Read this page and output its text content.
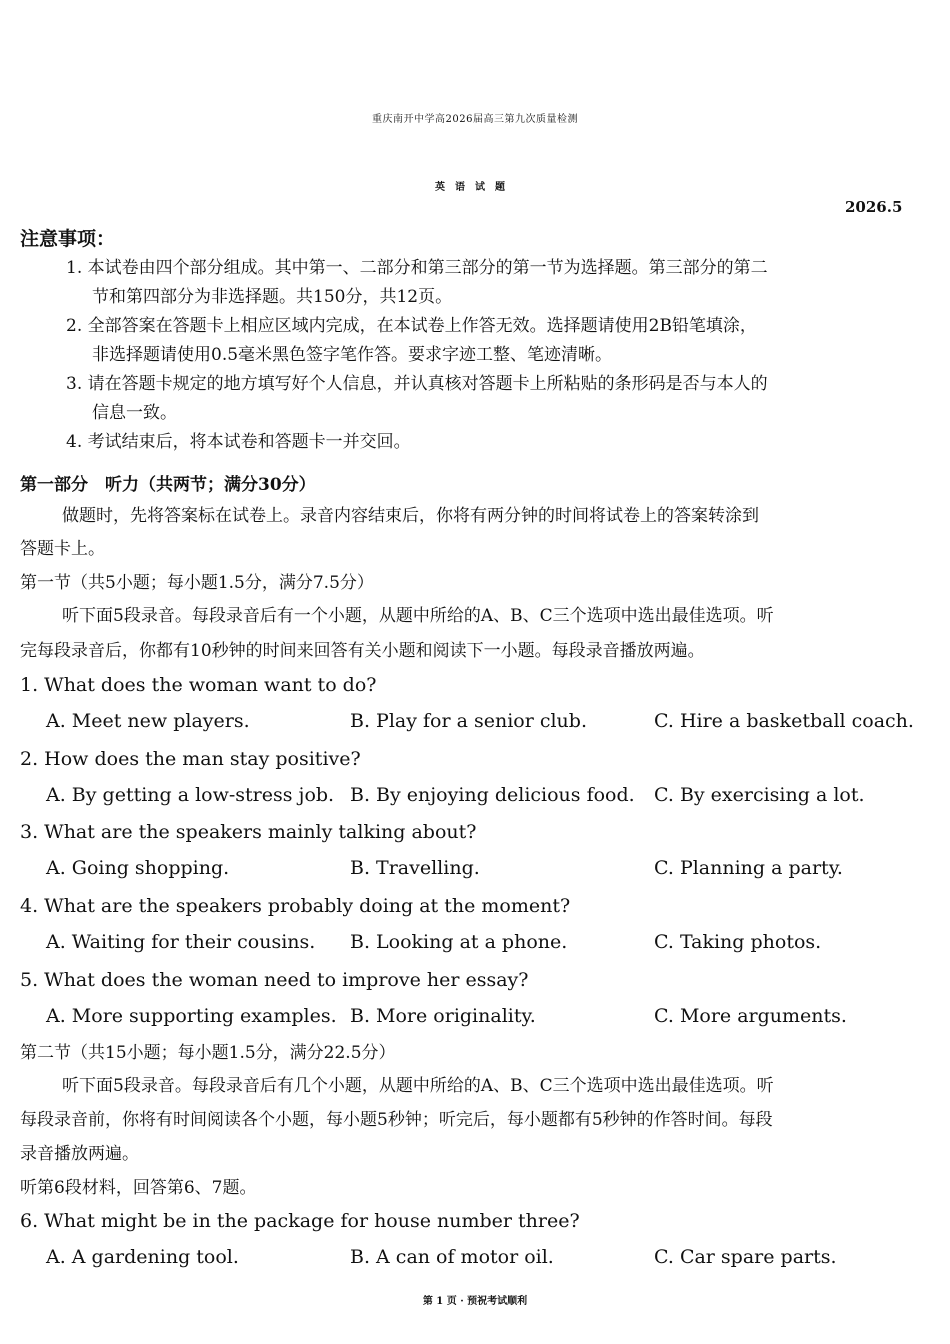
重庆南开中学高2026届高三第九次质量检测
英语试题
2026.5
注意事项：
1. 本试卷由四个部分组成。其中第一、二部分和第三部分的第一节为选择题。第三部分的第二
节和第四部分为非选择题。共150分，共12页。
2. 全部答案在答题卡上相应区域内完成，在本试卷上作答无效。选择题请使用2B铅笔填涂，
非选择题请使用0.5毫米黑色签字笔作答。要求字迹工整、笔迹清晰。
3. 请在答题卡规定的地方填写好个人信息，并认真核对答题卡上所粘贴的条形码是否与本人的
信息一致。
4. 考试结束后，将本试卷和答题卡一并交回。
第一部分　听力（共两节；满分30分）
做题时，先将答案标在试卷上。录音内容结束后，你将有两分钟的时间将试卷上的答案转涂到
答题卡上。
第一节（共5小题；每小题1.5分，满分7.5分）
听下面5段录音。每段录音后有一个小题，从题中所给的A、B、C三个选项中选出最佳选项。听
完每段录音后，你都有10秒钟的时间来回答有关小题和阅读下一小题。每段录音播放两遍。
1. What does the woman want to do?
A. Meet new players.	B. Play for a senior club.	C. Hire a basketball coach.
2. How does the man stay positive?
A. By getting a low-stress job. B. By enjoying delicious food. C. By exercising a lot.
3. What are the speakers mainly talking about?
A. Going shopping.	B. Travelling.	C. Planning a party.
4. What are the speakers probably doing at the moment?
A. Waiting for their cousins. B. Looking at a phone.	C. Taking photos.
5. What does the woman need to improve her essay?
A. More supporting examples. B. More originality.	C. More arguments.
第二节（共15小题；每小题1.5分，满分22.5分）
听下面5段录音。每段录音后有几个小题，从题中所给的A、B、C三个选项中选出最佳选项。听
每段录音前，你将有时间阅读各个小题，每小题5秒钟；听完后，每小题都有5秒钟的作答时间。每段
录音播放两遍。
听第6段材料，回答第6、7题。
6. What might be in the package for house number three?
A. A gardening tool.	B. A can of motor oil.	C. Car spare parts.
第 1 页 · 预祝考试顺利
